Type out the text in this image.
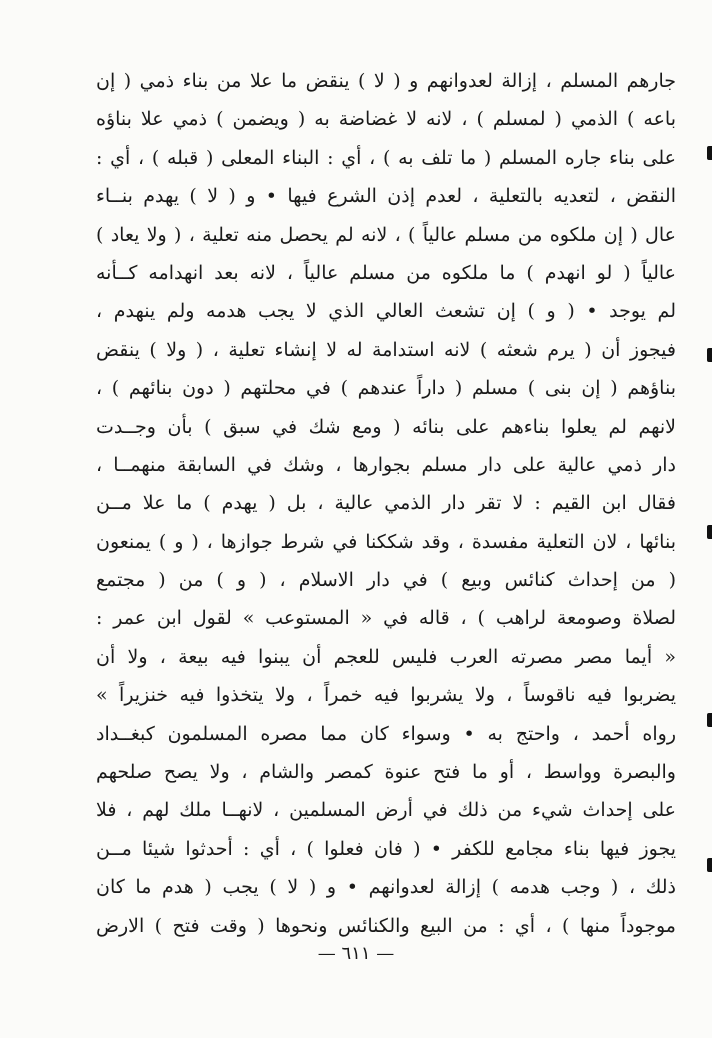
جارهم المسلم ، إزالة لعدوانهم و ( لا ) ينقض ما علا من بناء ذمي ( إن
باعه ) الذمي ( لمسلم ) ، لانه لا غضاضة به ( ويضمن ) ذمي علا بناؤه
على بناء جاره المسلم ( ما تلف به ) ، أي : البناء المعلى ( قبله ) ، أي :
النقض ، لتعديه بالتعلية ، لعدم إذن الشرع فيها • و ( لا ) يهدم بنــاء
عال ( إن ملكوه من مسلم عالياً ) ، لانه لم يحصل منه تعلية ، ( ولا يعاد )
عالياً ( لو انهدم ) ما ملكوه من مسلم عالياً ، لانه بعد انهدامه كــأنه
لم يوجد • ( و ) إن تشعث العالي الذي لا يجب هدمه ولم ينهدم ،
فيجوز أن ( يرم شعثه ) لانه استدامة له لا إنشاء تعلية ، ( ولا ) ينقض
بناؤهم ( إن بنى ) مسلم ( داراً عندهم ) في محلتهم ( دون بنائهم ) ،
لانهم لم يعلوا بناءهم على بنائه ( ومع شك في سبق ) بأن وجــدت
دار ذمي عالية على دار مسلم بجوارها ، وشك في السابقة منهمــا ،
فقال ابن القيم : لا تقر دار الذمي عالية ، بل ( يهدم ) ما علا مــن
بنائها ، لان التعلية مفسدة ، وقد شككنا في شرط جوازها ، ( و ) يمنعون
( من إحداث كنائس وبيع ) في دار الاسلام ، ( و ) من ( مجتمع
لصلاة وصومعة لراهب ) ، قاله في « المستوعب » لقول ابن عمر :
« أيما مصر مصرته العرب فليس للعجم أن يبنوا فيه بيعة ، ولا أن
يضربوا فيه ناقوساً ، ولا يشربوا فيه خمراً ، ولا يتخذوا فيه خنزيراً »
رواه أحمد ، واحتج به • وسواء كان مما مصره المسلمون كبغــداد
والبصرة وواسط ، أو ما فتح عنوة كمصر والشام ، ولا يصح صلحهم
على إحداث شيء من ذلك في أرض المسلمين ، لانهــا ملك لهم ، فلا
يجوز فيها بناء مجامع للكفر • ( فان فعلوا ) ، أي : أحدثوا شيئا مــن
ذلك ، ( وجب هدمه ) إزالة لعدوانهم • و ( لا ) يجب ( هدم ما كان
موجوداً منها ) ، أي : من البيع والكنائس ونحوها ( وقت فتح ) الارض
— ٦١١ —
